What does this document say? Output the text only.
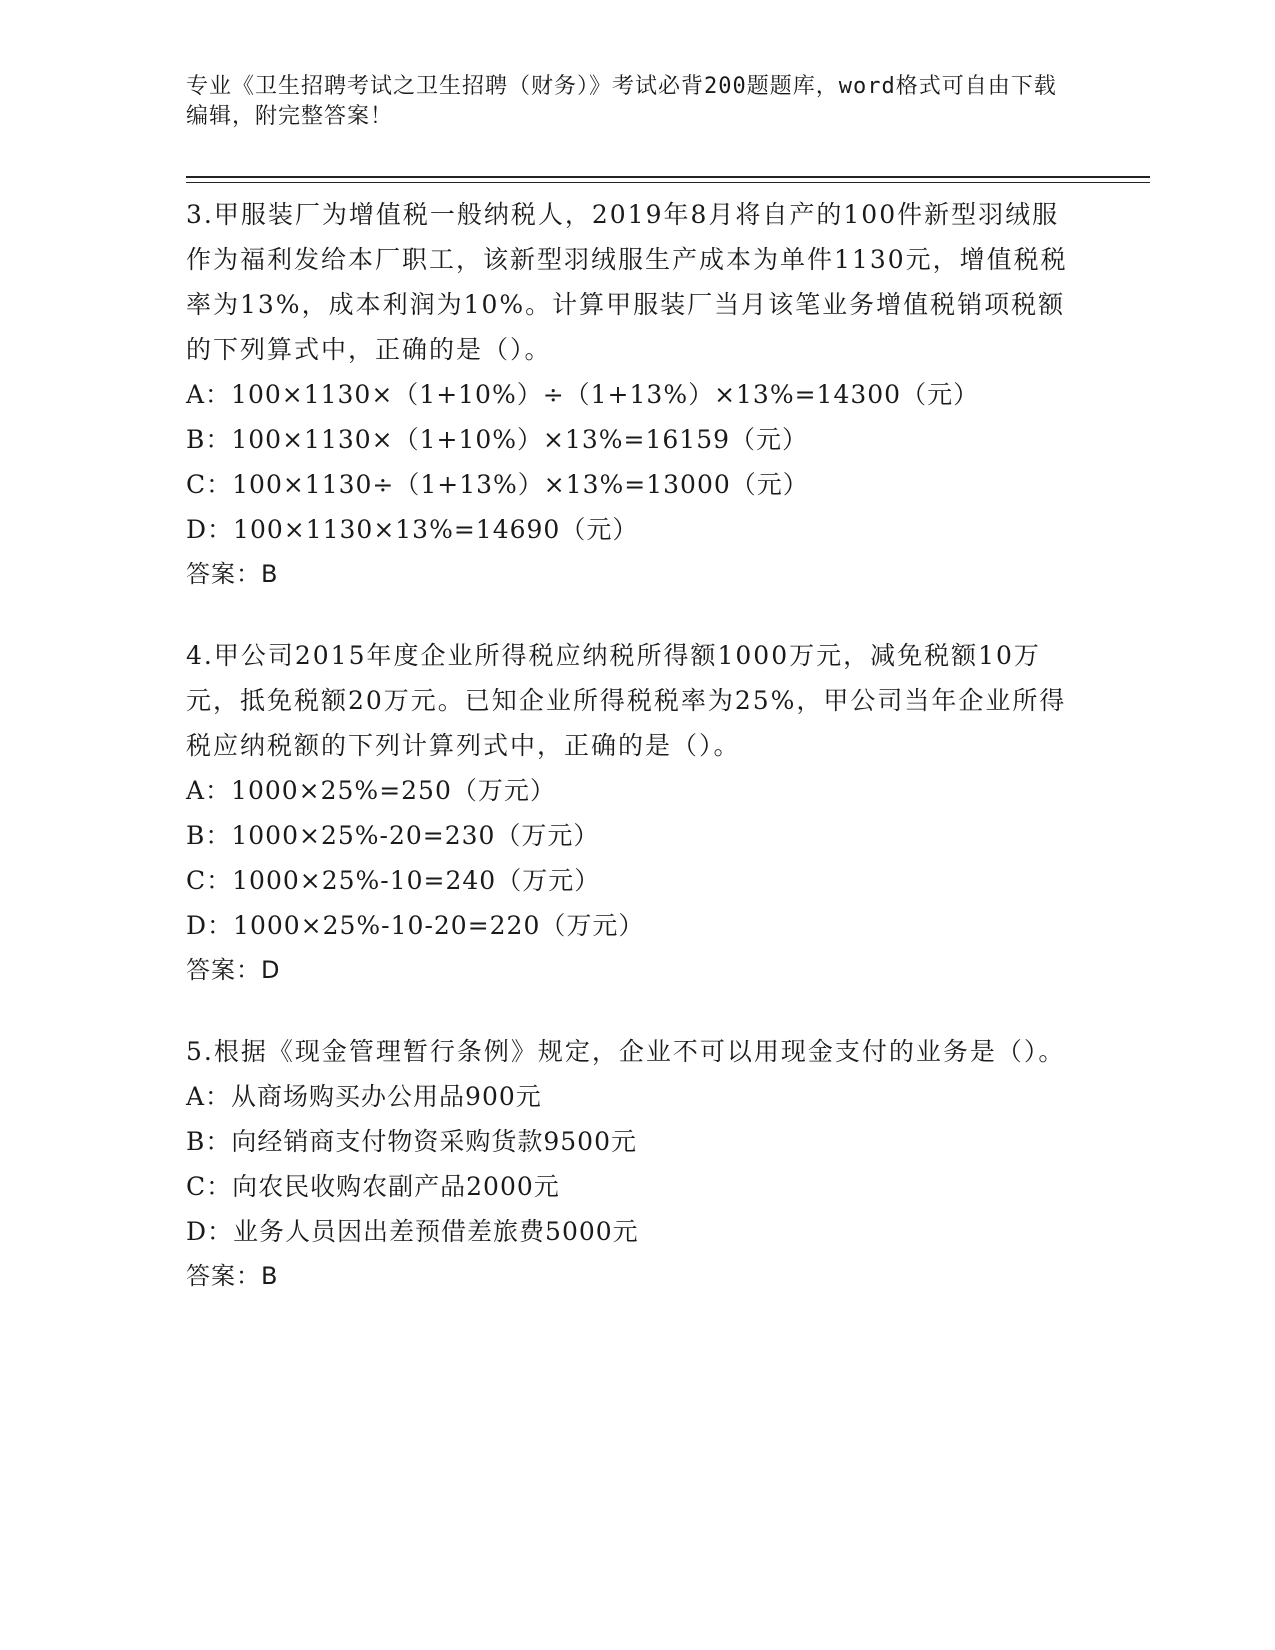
专业《卫生招聘考试之卫生招聘（财务）》考试必背200题题库，word格式可自由下载编辑，附完整答案！

3.甲服装厂为增值税一般纳税人，2019年8月将自产的100件新型羽绒服作为福利发给本厂职工，该新型羽绒服生产成本为单件1130元，增值税税率为13%，成本利润为10%。计算甲服装厂当月该笔业务增值税销项税额的下列算式中，正确的是（）。

A：100×1130×（1+10%）÷（1+13%）×13%=14300（元）

B：100×1130×（1+10%）×13%=16159（元）

C：100×1130÷（1+13%）×13%=13000（元）

D：100×1130×13%=14690（元）

答案：B

4.甲公司2015年度企业所得税应纳税所得额1000万元，减免税额10万元，抵免税额20万元。已知企业所得税税率为25%，甲公司当年企业所得税应纳税额的下列计算列式中，正确的是（）。

A：1000×25%=250（万元）

B：1000×25%-20=230（万元）

C：1000×25%-10=240（万元）

D：1000×25%-10-20=220（万元）

答案：D

5.根据《现金管理暂行条例》规定，企业不可以用现金支付的业务是（）。

A：从商场购买办公用品900元

B：向经销商支付物资采购货款9500元

C：向农民收购农副产品2000元

D：业务人员因出差预借差旅费5000元

答案：B
